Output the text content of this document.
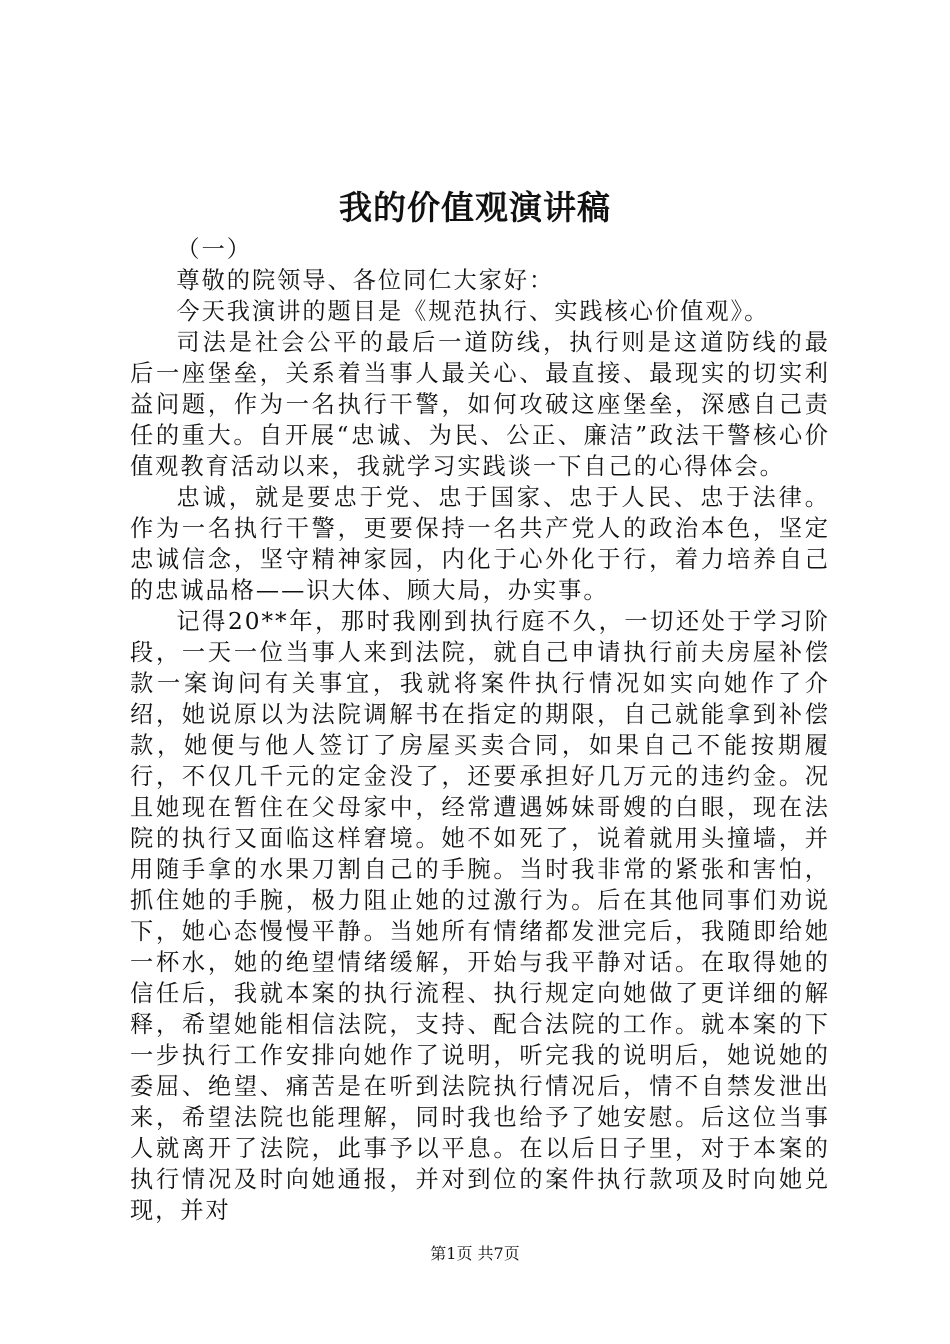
我的价值观演讲稿

（一）

尊敬的院领导、各位同仁大家好：

今天我演讲的题目是《规范执行、实践核心价值观》。

司法是社会公平的最后一道防线，执行则是这道防线的最后一座堡垒，关系着当事人最关心、最直接、最现实的切实利益问题，作为一名执行干警，如何攻破这座堡垒，深感自己责任的重大。自开展“忠诚、为民、公正、廉洁”政法干警核心价值观教育活动以来，我就学习实践谈一下自己的心得体会。

忠诚，就是要忠于党、忠于国家、忠于人民、忠于法律。作为一名执行干警，更要保持一名共产党人的政治本色，坚定忠诚信念，坚守精神家园，内化于心外化于行，着力培养自己的忠诚品格——识大体、顾大局，办实事。

记得20**年，那时我刚到执行庭不久，一切还处于学习阶段，一天一位当事人来到法院，就自己申请执行前夫房屋补偿款一案询问有关事宜，我就将案件执行情况如实向她作了介绍，她说原以为法院调解书在指定的期限，自己就能拿到补偿款，她便与他人签订了房屋买卖合同，如果自己不能按期履行，不仅几千元的定金没了，还要承担好几万元的违约金。况且她现在暂住在父母家中，经常遭遇姊妹哥嫂的白眼，现在法院的执行又面临这样窘境。她不如死了，说着就用头撞墙，并用随手拿的水果刀割自己的手腕。当时我非常的紧张和害怕，抓住她的手腕，极力阻止她的过激行为。后在其他同事们劝说下，她心态慢慢平静。当她所有情绪都发泄完后，我随即给她一杯水，她的绝望情绪缓解，开始与我平静对话。在取得她的信任后，我就本案的执行流程、执行规定向她做了更详细的解释，希望她能相信法院，支持、配合法院的工作。就本案的下一步执行工作安排向她作了说明，听完我的说明后，她说她的委屈、绝望、痛苦是在听到法院执行情况后，情不自禁发泄出来，希望法院也能理解，同时我也给予了她安慰。后这位当事人就离开了法院，此事予以平息。在以后日子里，对于本案的执行情况及时向她通报，并对到位的案件执行款项及时向她兑现，并对

第1页 共7页
